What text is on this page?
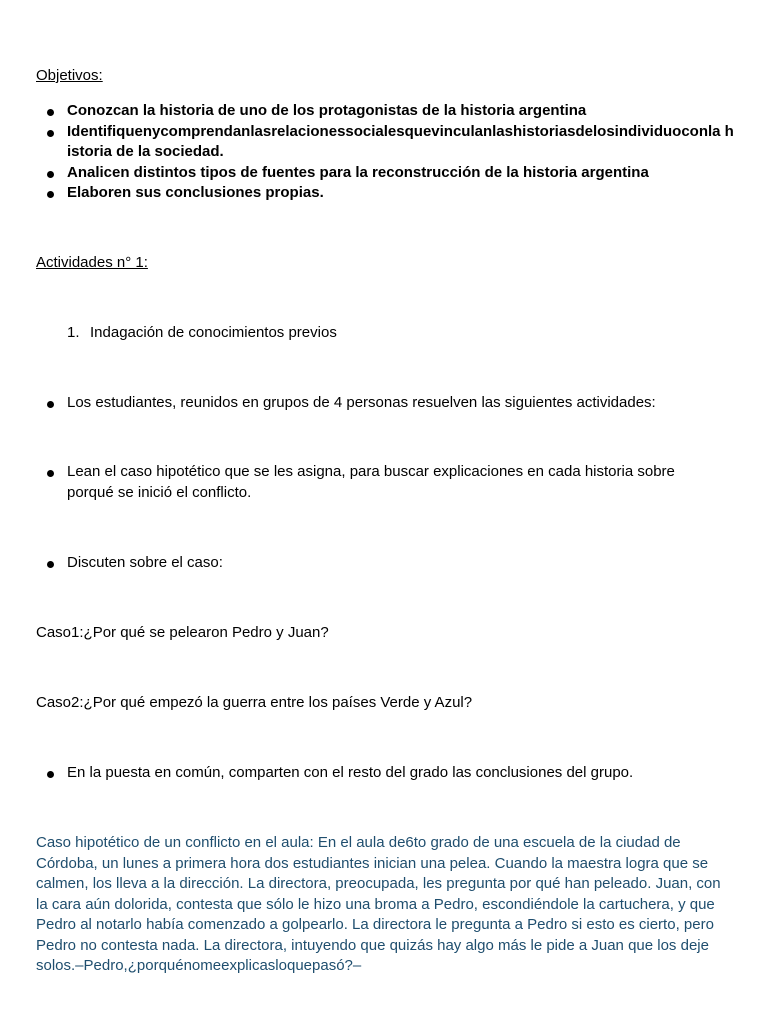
Objetivos:
Conozcan la historia de uno de los protagonistas de la historia argentina
Identifiquenycomprendanlasrelacionessocialesquevinculanlashistoriasdelosindividuoconla historia de la sociedad.
Analicen distintos tipos de fuentes para la reconstrucción de la historia argentina
Elaboren sus conclusiones propias.
Actividades n° 1:
1. Indagación de conocimientos previos
Los estudiantes, reunidos en grupos de 4 personas resuelven las siguientes actividades:
Lean el caso hipotético que se les asigna, para buscar explicaciones en cada historia sobre porqué se inició el conflicto.
Discuten sobre el caso:
Caso1:¿Por qué se pelearon Pedro y Juan?
Caso2:¿Por qué empezó la guerra entre los países Verde y Azul?
En la puesta en común, comparten con el resto del grado las conclusiones del grupo.
Caso hipotético de un conflicto en el aula: En el aula de6to grado de una escuela de la ciudad de Córdoba, un lunes a primera hora dos estudiantes inician una pelea. Cuando la maestra logra que se calmen, los lleva a la dirección. La directora, preocupada, les pregunta por qué han peleado. Juan, con la cara aún dolorida, contesta que sólo le hizo una broma a Pedro, escondiéndole la cartuchera, y que Pedro al notarlo había comenzado a golpearlo. La directora le pregunta a Pedro si esto es cierto, pero Pedro no contesta nada. La directora, intuyendo que quizás hay algo más le pide a Juan que los deje solos.–Pedro,¿porquénomeexplicasloquepasó?–
